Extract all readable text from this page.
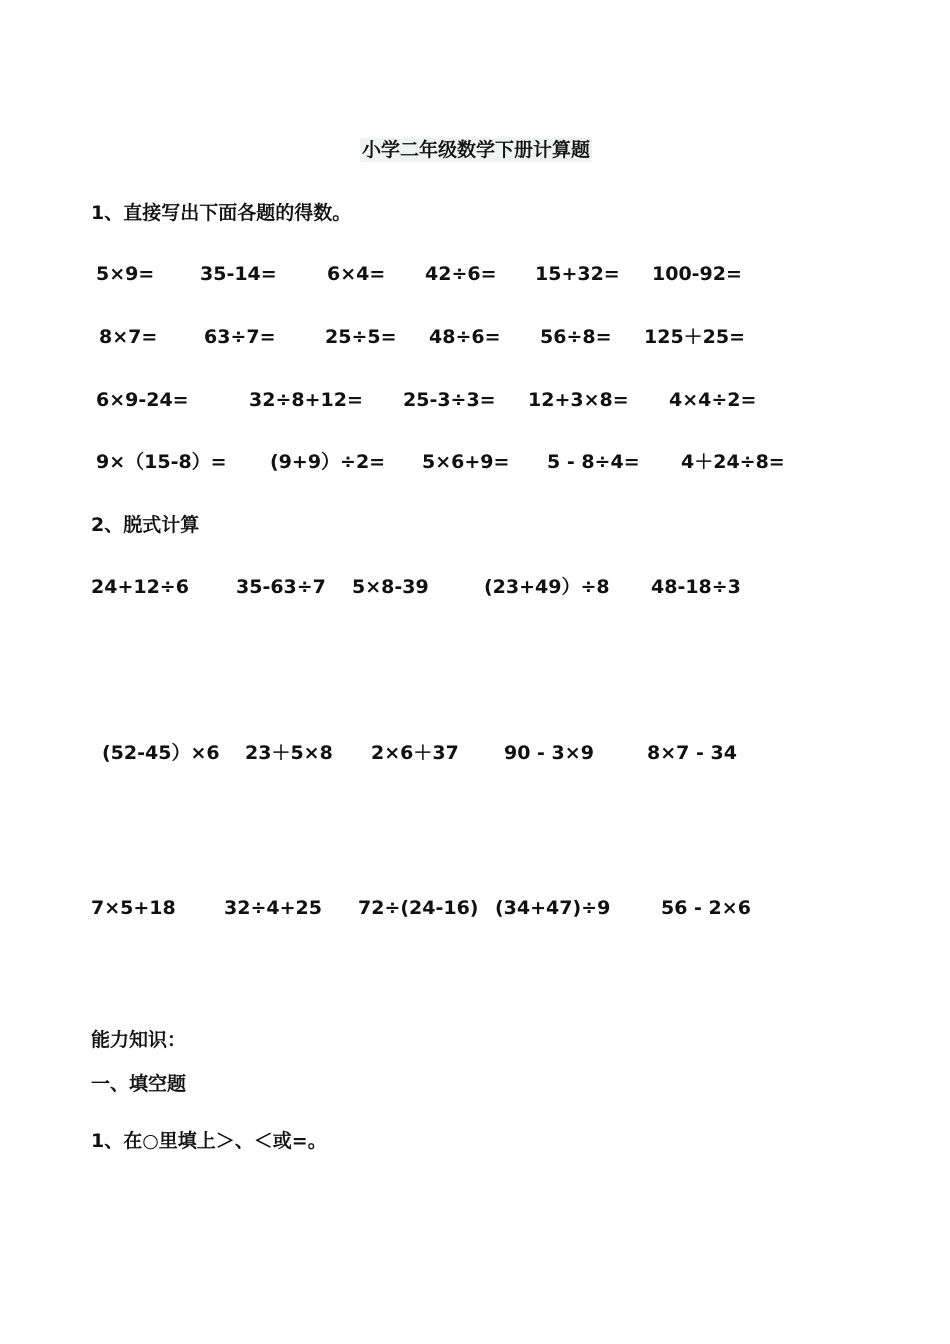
小学二年级数学下册计算题
1、直接写出下面各题的得数。
5×9= 35-14=	6×4= 42÷6= 15+32= 100-92=
8×7= 63÷7=	25÷5= 48÷6= 56÷8= 125＋25=
6×9-24=	32÷8+12= 25-3÷3= 12+3×8= 4×4÷2=
9×（15-8）= (9+9）÷2= 5×6+9= 5 - 8÷4= 4＋24÷8=
2、脱式计算
24+12÷6 35-63÷7 5×8-39	(23+49）÷8 48-18÷3
(52-45）×6 23＋5×8 2×6＋37 90 - 3×9	8×7 - 34
7×5+18	32÷4+25 72÷(24-16) (34+47)÷9	56 - 2×6
能力知识：
一、填空题
1、在○里填上＞、＜或=。
